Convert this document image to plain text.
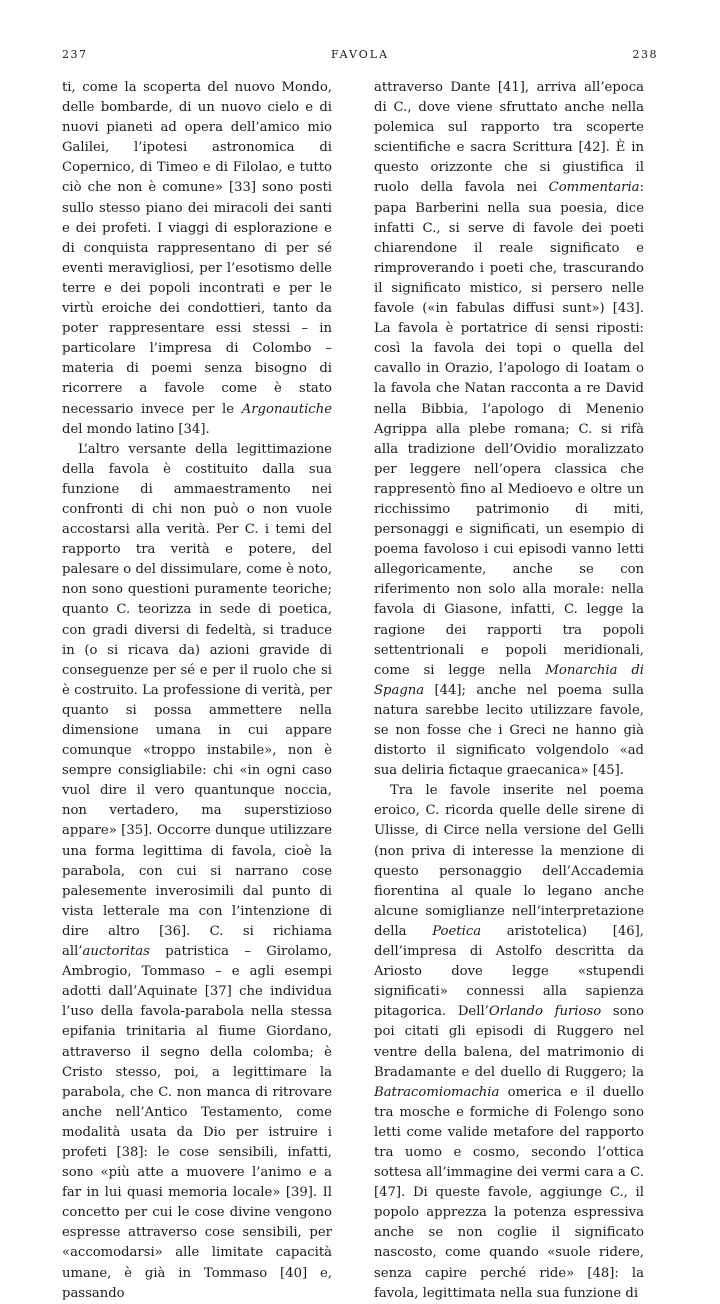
237	FAVOLA	238

ti, come la scoperta del nuovo Mondo, delle bombarde, di un nuovo cielo e di nuovi pianeti ad opera dell’amico mio Galilei, l’ipotesi astronomica di Copernico, di Timeo e di Filolao, e tutto ciò che non è comune» [33] sono posti sullo stesso piano dei miracoli dei santi e dei profeti. I viaggi di esplorazione e di conquista rappresentano di per sé eventi meravigliosi, per l’esotismo delle terre e dei popoli incontrati e per le virtù eroiche dei condottieri, tanto da poter rappresentare essi stessi – in particolare l’impresa di Colombo – materia di poemi senza bisogno di ricorrere a favole come è stato necessario invece per le Argonautiche del mondo latino [34].

L’altro versante della legittimazione della favola è costituito dalla sua funzione di ammaestramento nei confronti di chi non può o non vuole accostarsi alla verità. Per C. i temi del rapporto tra verità e potere, del palesare o del dissimulare, come è noto, non sono questioni puramente teoriche; quanto C. teorizza in sede di poetica, con gradi diversi di fedeltà, si traduce in (o si ricava da) azioni gravide di conseguenze per sé e per il ruolo che si è costruito. La professione di verità, per quanto si possa ammettere nella dimensione umana in cui appare comunque «troppo instabile», non è sempre consigliabile: chi «in ogni caso vuol dire il vero quantunque noccia, non vertadero, ma superstizioso appare» [35]. Occorre dunque utilizzare una forma legittima di favola, cioè la parabola, con cui si narrano cose palesemente inverosimili dal punto di vista letterale ma con l’intenzione di dire altro [36]. C. si richiama all’auctoritas patristica – Girolamo, Ambrogio, Tommaso – e agli esempi adotti dall’Aquinate [37] che individua l’uso della favola-parabola nella stessa epifania trinitaria al fiume Giordano, attraverso il segno della colomba; è Cristo stesso, poi, a legittimare la parabola, che C. non manca di ritrovare anche nell’Antico Testamento, come modalità usata da Dio per istruire i profeti [38]: le cose sensibili, infatti, sono «più atte a muovere l’animo e a far in lui quasi memoria locale» [39]. Il concetto per cui le cose divine vengono espresse attraverso cose sensibili, per «accomodarsi» alle limitate capacità umane, è già in Tommaso [40] e, passando

attraverso Dante [41], arriva all’epoca di C., dove viene sfruttato anche nella polemica sul rapporto tra scoperte scientifiche e sacra Scrittura [42]. È in questo orizzonte che si giustifica il ruolo della favola nei Commentaria: papa Barberini nella sua poesia, dice infatti C., si serve di favole dei poeti chiarendone il reale significato e rimproverando i poeti che, trascurando il significato mistico, si persero nelle favole («in fabulas diffusi sunt») [43]. La favola è portatrice di sensi riposti: così la favola dei topi o quella del cavallo in Orazio, l’apologo di Ioatam o la favola che Natan racconta a re David nella Bibbia, l’apologo di Menenio Agrippa alla plebe romana; C. si rifà alla tradizione dell’Ovidio moralizzato per leggere nell’opera classica che rappresentò fino al Medioevo e oltre un ricchissimo patrimonio di miti, personaggi e significati, un esempio di poema favoloso i cui episodi vanno letti allegoricamente, anche se con riferimento non solo alla morale: nella favola di Giasone, infatti, C. legge la ragione dei rapporti tra popoli settentrionali e popoli meridionali, come si legge nella Monarchia di Spagna [44]; anche nel poema sulla natura sarebbe lecito utilizzare favole, se non fosse che i Greci ne hanno già distorto il significato volgendolo «ad sua deliria fictaque graecanica» [45].

Tra le favole inserite nel poema eroico, C. ricorda quelle delle sirene di Ulisse, di Circe nella versione del Gelli (non priva di interesse la menzione di questo personaggio dell’Accademia fiorentina al quale lo legano anche alcune somiglianze nell’interpretazione della Poetica aristotelica) [46], dell’impresa di Astolfo descritta da Ariosto dove legge «stupendi significati» connessi alla sapienza pitagorica. Dell’Orlando furioso sono poi citati gli episodi di Ruggero nel ventre della balena, del matrimonio di Bradamante e del duello di Ruggero; la Batracomiomachia omerica e il duello tra mosche e formiche di Folengo sono letti come valide metafore del rapporto tra uomo e cosmo, secondo l’ottica sottesa all’immagine dei vermi cara a C. [47]. Di queste favole, aggiunge C., il popolo apprezza la potenza espressiva anche se non coglie il significato nascosto, come quando «suole ridere, senza capire perché ride» [48]: la favola, legittimata nella sua funzione di
